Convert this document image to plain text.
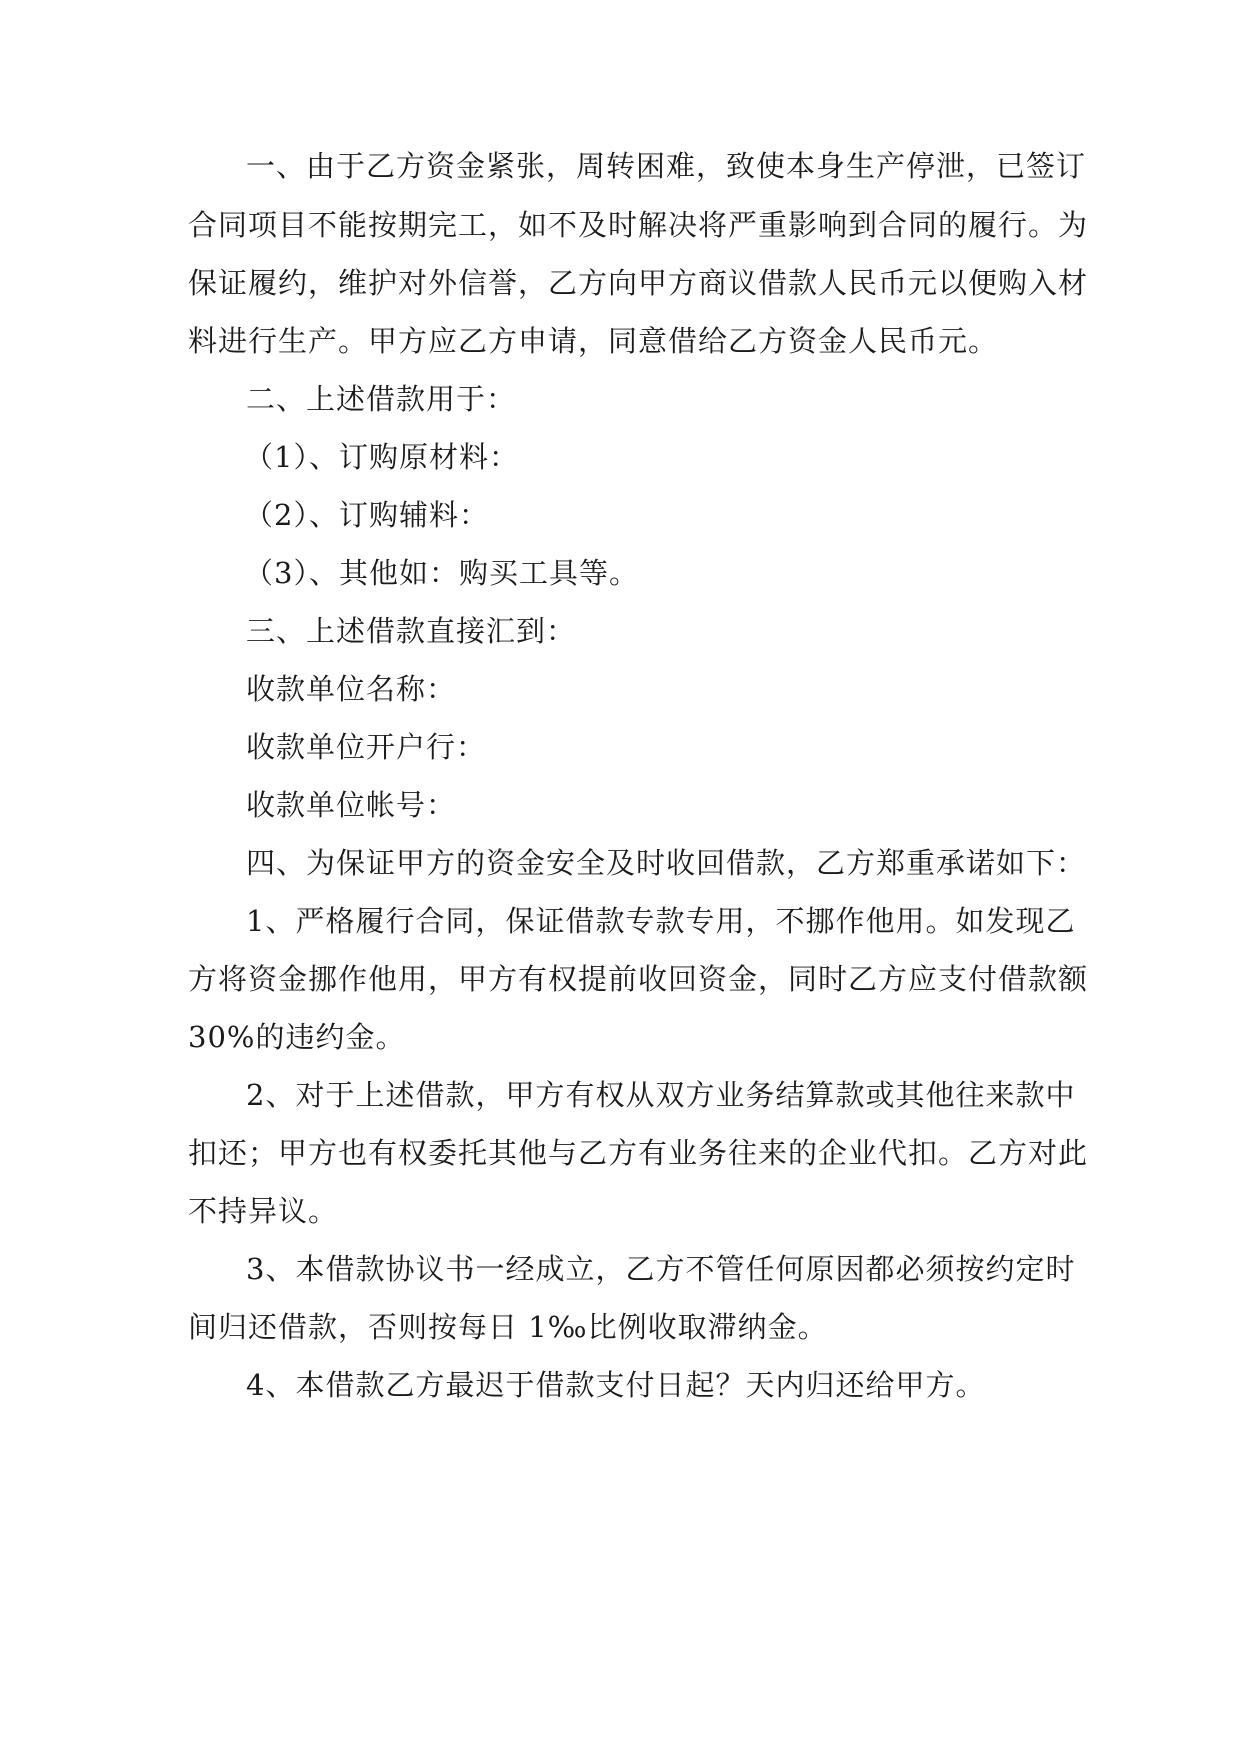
一、由于乙方资金紧张，周转困难，致使本身生产停泄，已签订
合同项目不能按期完工，如不及时解决将严重影响到合同的履行。为
保证履约，维护对外信誉，乙方向甲方商议借款人民币元以便购入材
料进行生产。甲方应乙方申请，同意借给乙方资金人民币元。
二、上述借款用于：
（1）、订购原材料：
（2）、订购辅料：
（3）、其他如：购买工具等。
三、上述借款直接汇到：
收款单位名称：
收款单位开户行：
收款单位帐号：
四、为保证甲方的资金安全及时收回借款，乙方郑重承诺如下：
1、严格履行合同，保证借款专款专用，不挪作他用。如发现乙
方将资金挪作他用，甲方有权提前收回资金，同时乙方应支付借款额
30%的违约金。
2、对于上述借款，甲方有权从双方业务结算款或其他往来款中
扣还；甲方也有权委托其他与乙方有业务往来的企业代扣。乙方对此
不持异议。
3、本借款协议书一经成立，乙方不管任何原因都必须按约定时
间归还借款，否则按每日 1‰比例收取滞纳金。
4、本借款乙方最迟于借款支付日起？天内归还给甲方。
